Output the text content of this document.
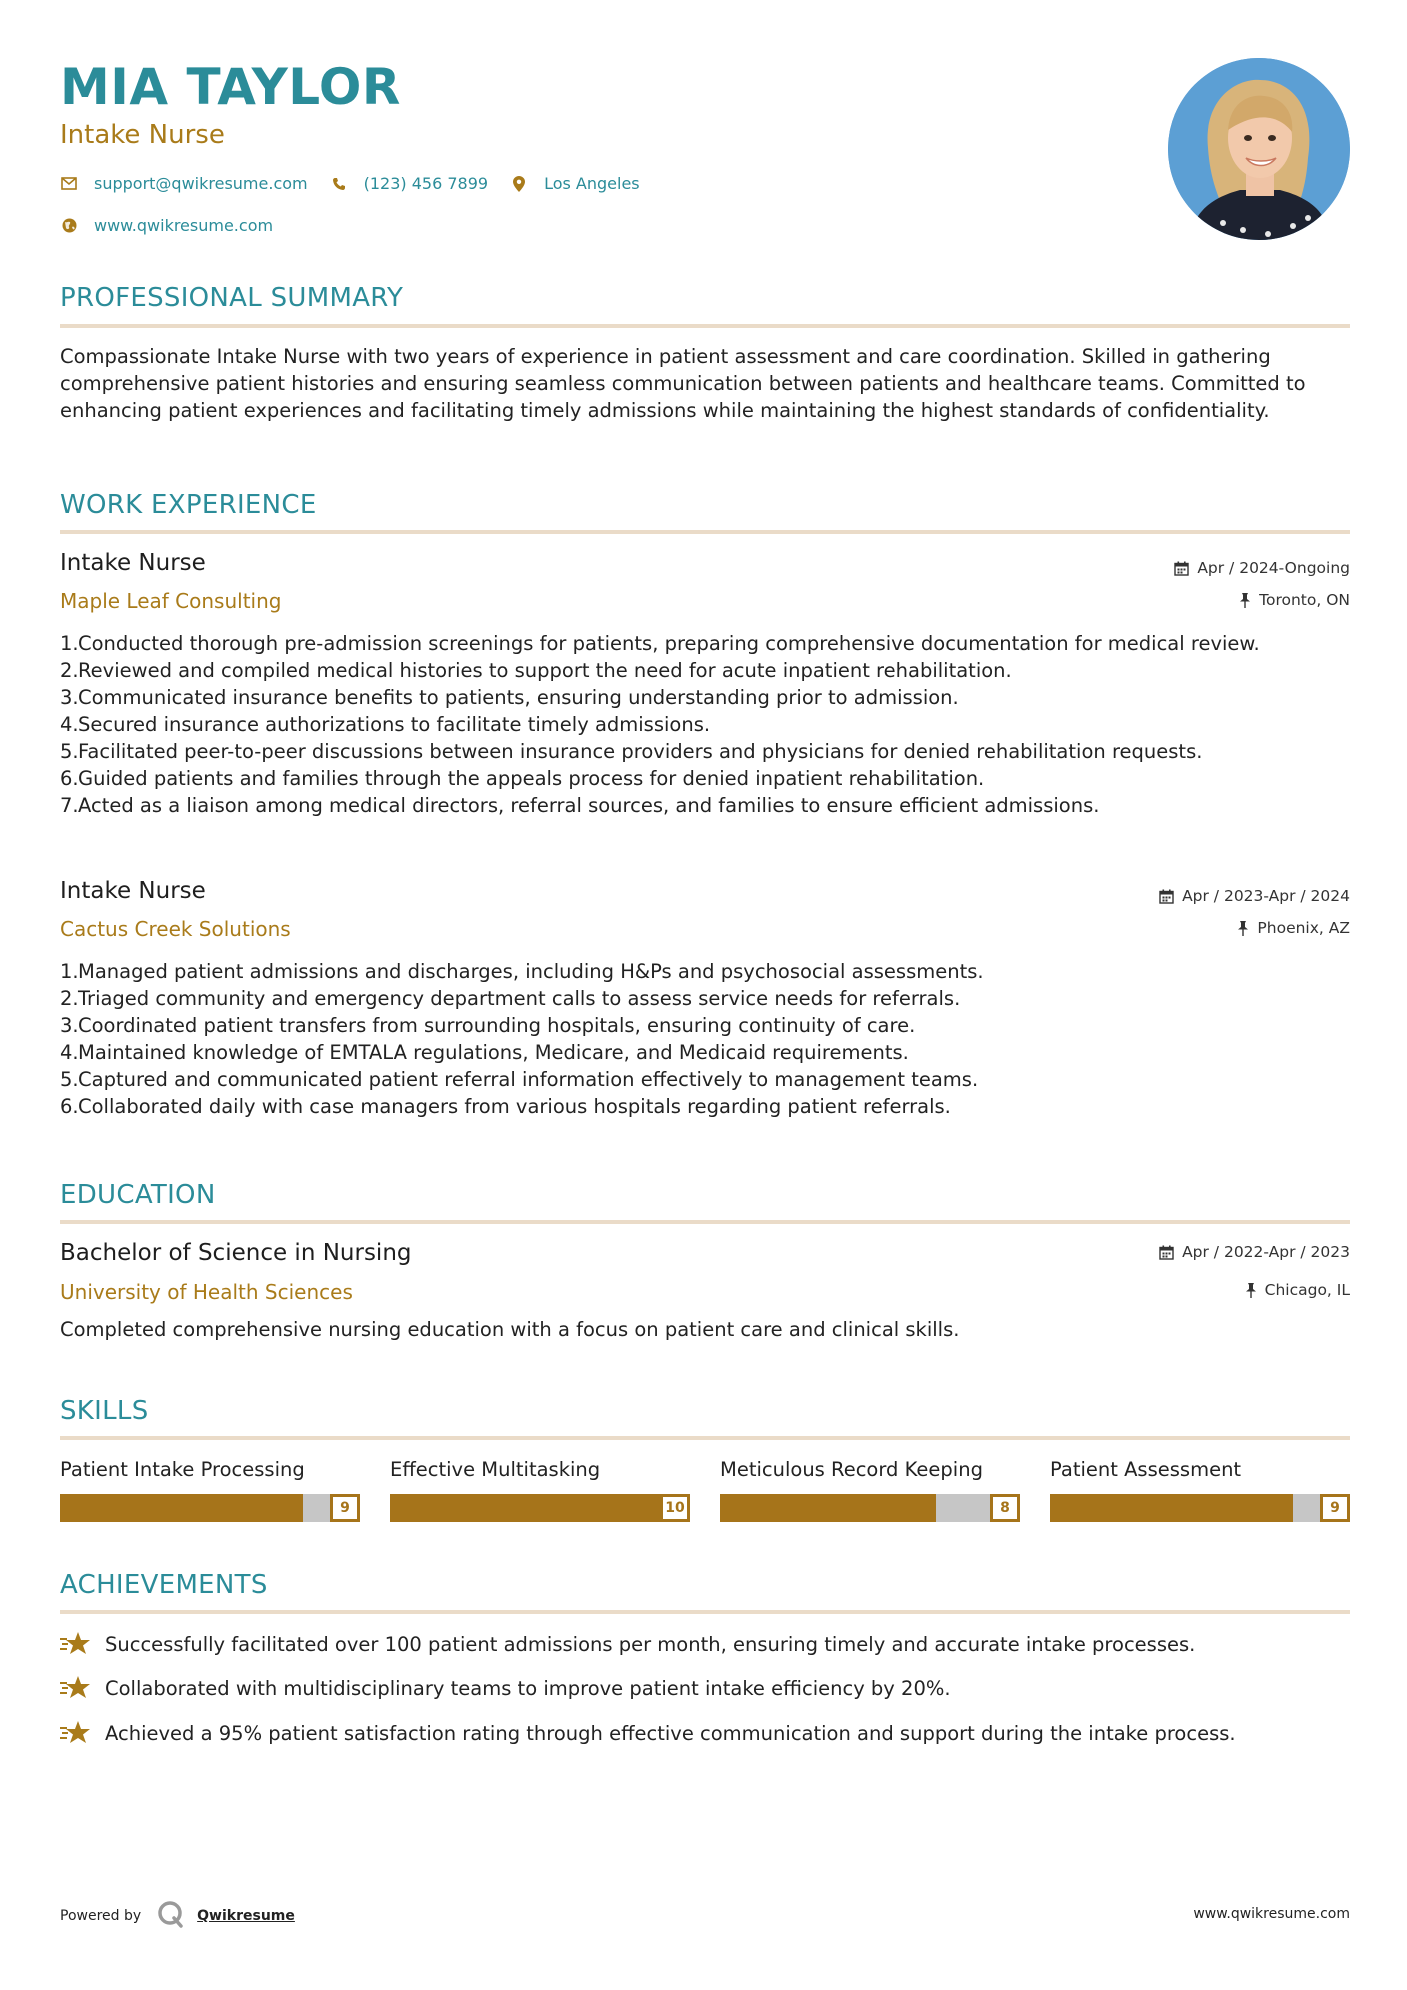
MIA TAYLOR
Intake Nurse
support@qwikresume.com	(123) 456 7899	Los Angeles
www.qwikresume.com
PROFESSIONAL SUMMARY
Compassionate Intake Nurse with two years of experience in patient assessment and care coordination. Skilled in gathering comprehensive patient histories and ensuring seamless communication between patients and healthcare teams. Committed to enhancing patient experiences and facilitating timely admissions while maintaining the highest standards of confidentiality.
WORK EXPERIENCE
Intake Nurse
Maple Leaf Consulting
Apr / 2024-Ongoing
Toronto, ON
1. Conducted thorough pre-admission screenings for patients, preparing comprehensive documentation for medical review.
2. Reviewed and compiled medical histories to support the need for acute inpatient rehabilitation.
3. Communicated insurance benefits to patients, ensuring understanding prior to admission.
4. Secured insurance authorizations to facilitate timely admissions.
5. Facilitated peer-to-peer discussions between insurance providers and physicians for denied rehabilitation requests.
6. Guided patients and families through the appeals process for denied inpatient rehabilitation.
7. Acted as a liaison among medical directors, referral sources, and families to ensure efficient admissions.
Intake Nurse
Cactus Creek Solutions
Apr / 2023-Apr / 2024
Phoenix, AZ
1. Managed patient admissions and discharges, including H&Ps and psychosocial assessments.
2. Triaged community and emergency department calls to assess service needs for referrals.
3. Coordinated patient transfers from surrounding hospitals, ensuring continuity of care.
4. Maintained knowledge of EMTALA regulations, Medicare, and Medicaid requirements.
5. Captured and communicated patient referral information effectively to management teams.
6. Collaborated daily with case managers from various hospitals regarding patient referrals.
EDUCATION
Bachelor of Science in Nursing
University of Health Sciences
Apr / 2022-Apr / 2023
Chicago, IL
Completed comprehensive nursing education with a focus on patient care and clinical skills.
SKILLS
Patient Intake Processing
9
Effective Multitasking
10
Meticulous Record Keeping
8
Patient Assessment
9
ACHIEVEMENTS
Successfully facilitated over 100 patient admissions per month, ensuring timely and accurate intake processes.
Collaborated with multidisciplinary teams to improve patient intake efficiency by 20%.
Achieved a 95% patient satisfaction rating through effective communication and support during the intake process.
Powered by	Qwikresume	www.qwikresume.com
